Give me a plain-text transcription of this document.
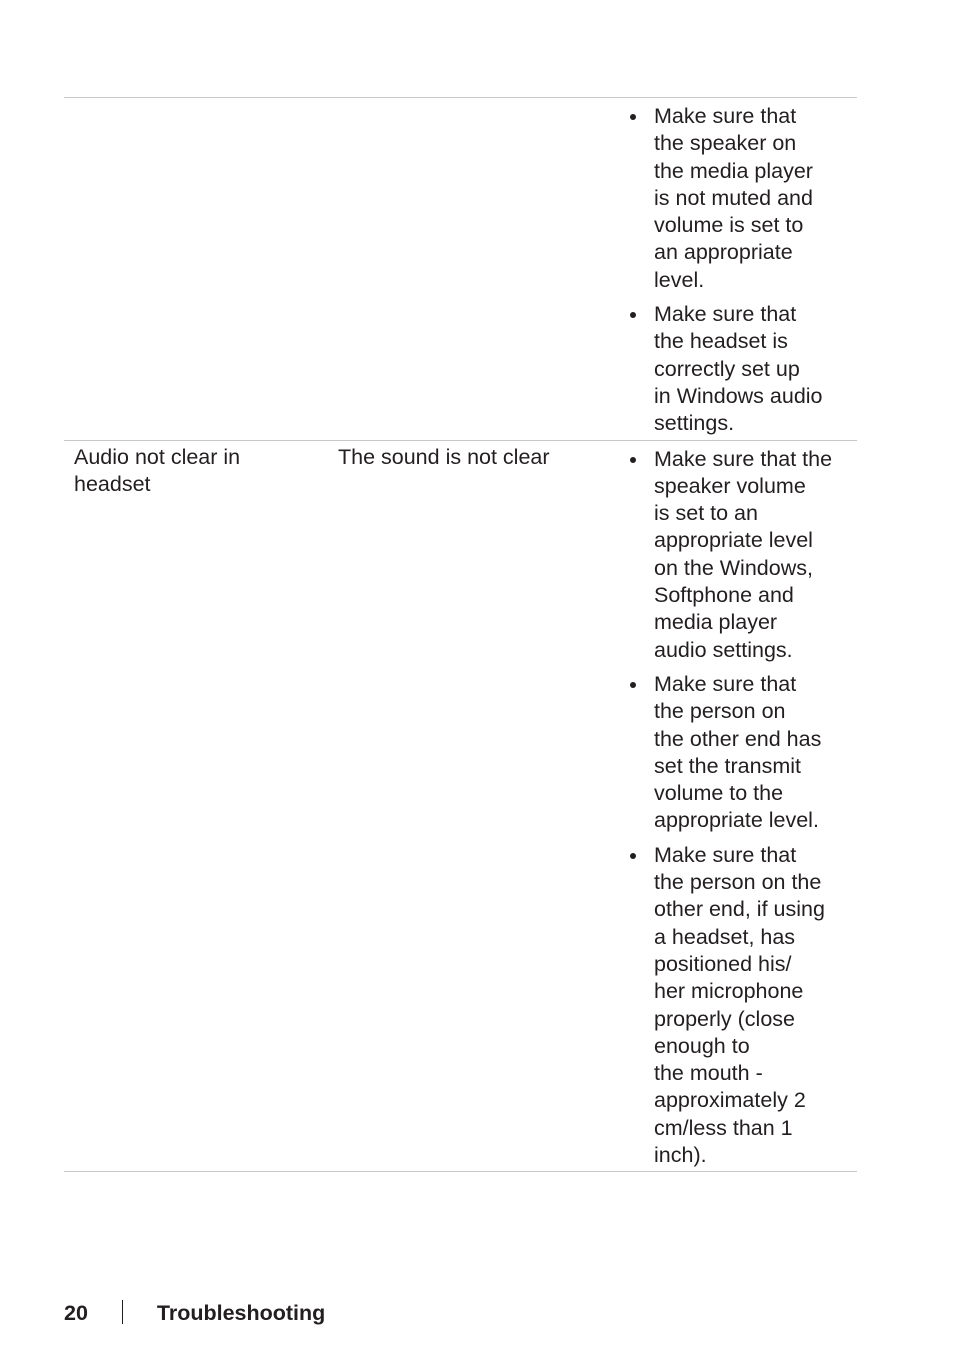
Make sure that
the speaker on
the media player
is not muted and
volume is set to
an appropriate
level.
Make sure that
the headset is
correctly set up
in Windows audio
settings.
Audio not clear in
headset
The sound is not clear	Make sure that the
speaker volume
is set to an
appropriate level
on the Windows,
Softphone and
media player
audio settings.
Make sure that
the person on
the other end has
set the transmit
volume to the
appropriate level.
Make sure that
the person on the
other end, if using
a headset, has
positioned his/
her microphone
properly (close
enough to
the mouth -
approximately 2
cm/less than 1
inch).
20	Troubleshooting
